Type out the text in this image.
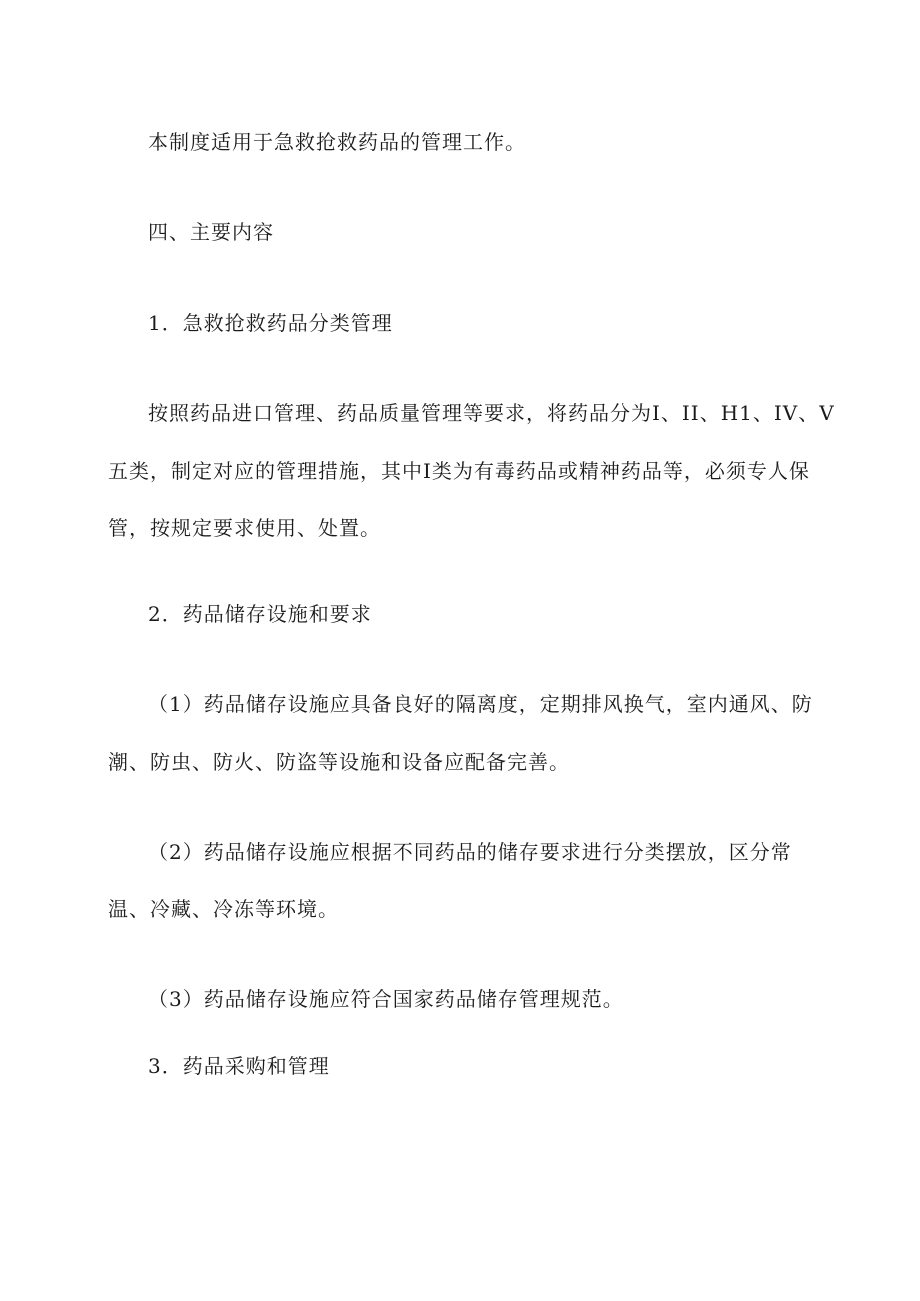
本制度适用于急救抢救药品的管理工作。

四、主要内容

1．急救抢救药品分类管理

按照药品进口管理、药品质量管理等要求，将药品分为I、II、H1、IV、V

五类，制定对应的管理措施，其中I类为有毒药品或精神药品等，必须专人保

管，按规定要求使用、处置。

2．药品储存设施和要求

（1）药品储存设施应具备良好的隔离度，定期排风换气，室内通风、防

潮、防虫、防火、防盗等设施和设备应配备完善。

（2）药品储存设施应根据不同药品的储存要求进行分类摆放，区分常

温、冷藏、冷冻等环境。

（3）药品储存设施应符合国家药品储存管理规范。

3．药品采购和管理
